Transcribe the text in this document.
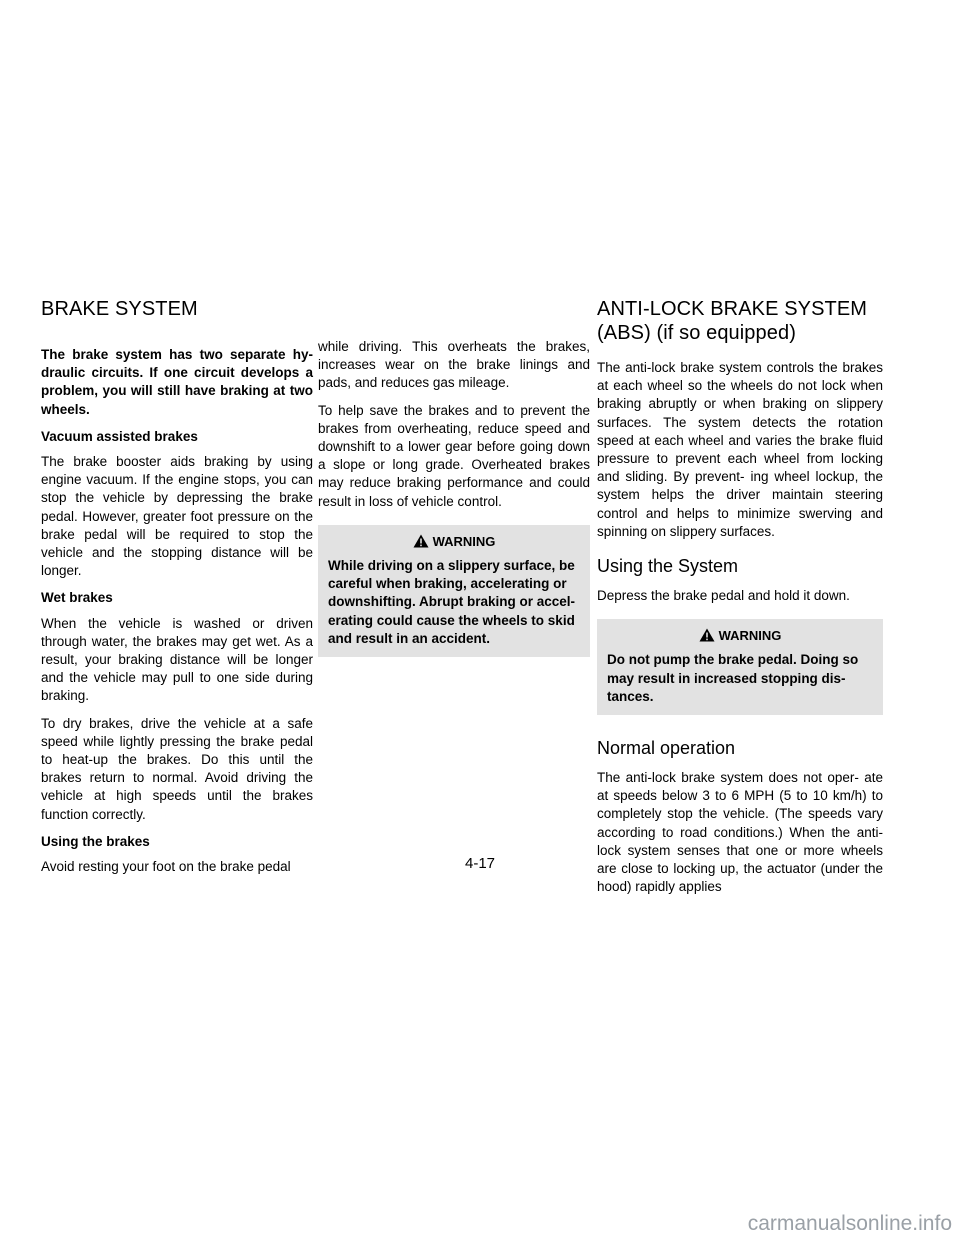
BRAKE SYSTEM

The brake system has two separate hy- draulic circuits. If one circuit develops a problem, you will still have braking at two wheels.

Vacuum assisted brakes

The brake booster aids braking by using engine vacuum. If the engine stops, you can stop the vehicle by depressing the brake pedal. However, greater foot pressure on the brake pedal will be required to stop the vehicle and the stopping distance will be longer.

Wet brakes

When the vehicle is washed or driven through water, the brakes may get wet. As a result, your braking distance will be longer and the vehicle may pull to one side during braking.

To dry brakes, drive the vehicle at a safe speed while lightly pressing the brake pedal to heat-up the brakes. Do this until the brakes return to normal. Avoid driving the vehicle at high speeds until the brakes function correctly.

Using the brakes

Avoid resting your foot on the brake pedal

while driving. This overheats the brakes, increases wear on the brake linings and pads, and reduces gas mileage.

To help save the brakes and to prevent the brakes from overheating, reduce speed and downshift to a lower gear before going down a slope or long grade. Overheated brakes may reduce braking performance and could result in loss of vehicle control.

WARNING
While driving on a slippery surface, be careful when braking, accelerating or downshifting. Abrupt braking or accel- erating could cause the wheels to skid and result in an accident.
ANTI-LOCK BRAKE SYSTEM (ABS) (if so equipped)

The anti-lock brake system controls the brakes at each wheel so the wheels do not lock when braking abruptly or when braking on slippery surfaces. The system detects the rotation speed at each wheel and varies the brake fluid pressure to prevent each wheel from locking and sliding. By prevent- ing wheel lockup, the system helps the driver maintain steering control and helps to minimize swerving and spinning on slippery surfaces.

Using the System

Depress the brake pedal and hold it down.

WARNING
Do not pump the brake pedal. Doing so may result in increased stopping dis- tances.
Normal operation

The anti-lock brake system does not oper- ate at speeds below 3 to 6 MPH (5 to 10 km/h) to completely stop the vehicle. (The speeds vary according to road conditions.) When the anti-lock system senses that one or more wheels are close to locking up, the actuator (under the hood) rapidly applies

4-17
carmanualsonline.info
